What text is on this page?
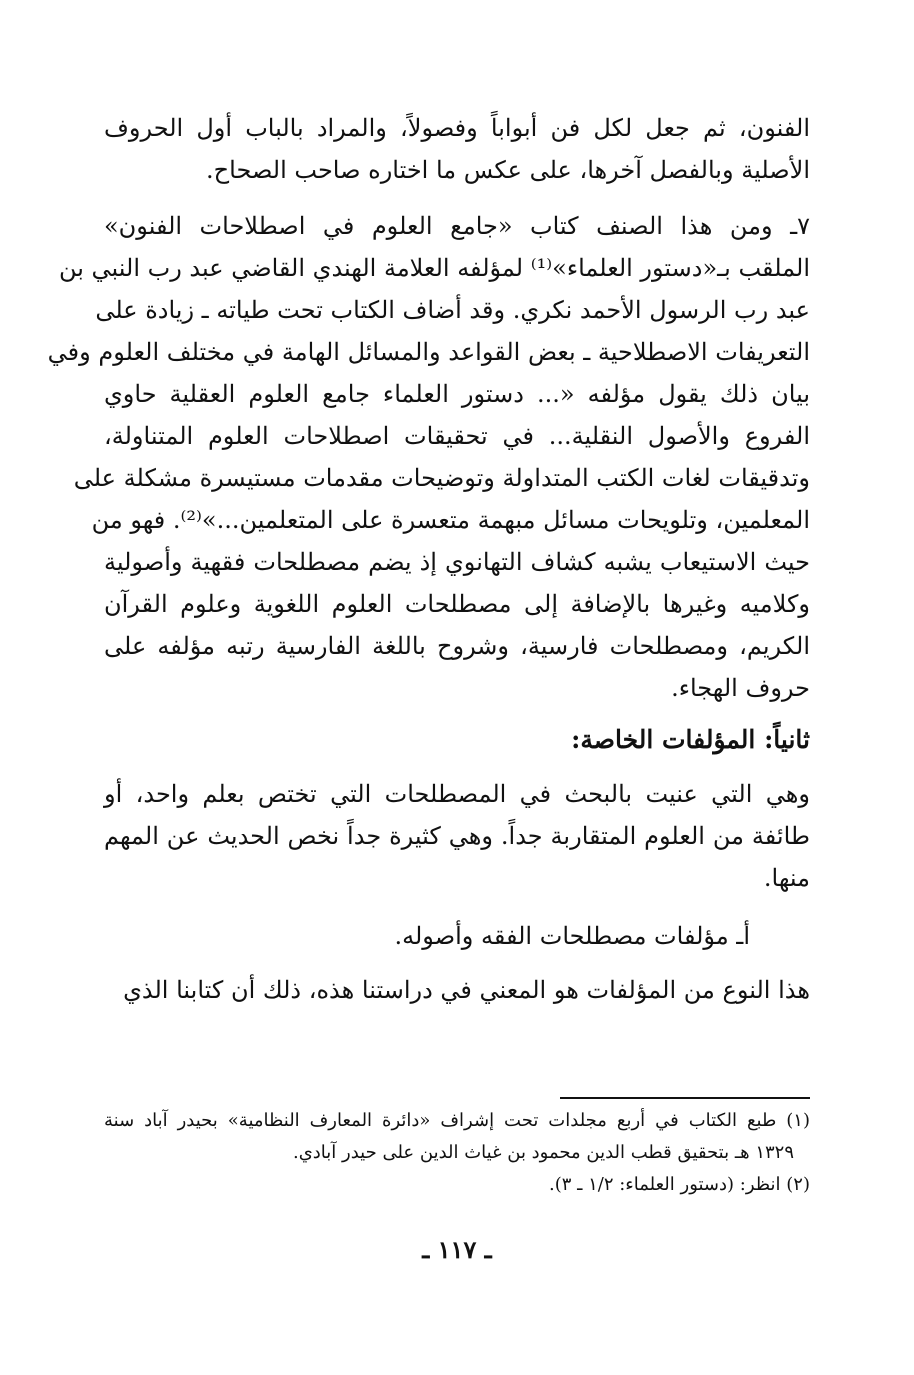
الفنون، ثم جعل لكل فن أبواباً وفصولاً، والمراد بالباب أول الحروف
الأصلية وبالفصل آخرها، على عكس ما اختاره صاحب الصحاح.
٧ـ ومن هذا الصنف كتاب «جامع العلوم في اصطلاحات الفنون»
الملقب بـ«دستور العلماء»⁽¹⁾ لمؤلفه العلامة الهندي القاضي عبد رب النبي بن
عبد رب الرسول الأحمد نكري. وقد أضاف الكتاب تحت طياته ـ زيادة على
التعريفات الاصطلاحية ـ بعض القواعد والمسائل الهامة في مختلف العلوم وفي
بيان ذلك يقول مؤلفه «... دستور العلماء جامع العلوم العقلية حاوي
الفروع والأصول النقلية... في تحقيقات اصطلاحات العلوم المتناولة،
وتدقيقات لغات الكتب المتداولة وتوضيحات مقدمات مستيسرة مشكلة على
المعلمين، وتلويحات مسائل مبهمة متعسرة على المتعلمين...»⁽²⁾. فهو من
حيث الاستيعاب يشبه كشاف التهانوي إذ يضم مصطلحات فقهية وأصولية
وكلاميه وغيرها بالإضافة إلى مصطلحات العلوم اللغوية وعلوم القرآن
الكريم، ومصطلحات فارسية، وشروح باللغة الفارسية رتبه مؤلفه على
حروف الهجاء.
ثانياً: المؤلفات الخاصة:
وهي التي عنيت بالبحث في المصطلحات التي تختص بعلم واحد، أو
طائفة من العلوم المتقاربة جداً. وهي كثيرة جداً نخص الحديث عن المهم
منها.
أـ مؤلفات مصطلحات الفقه وأصوله.
هذا النوع من المؤلفات هو المعني في دراستنا هذه، ذلك أن كتابنا الذي
(١) طبع الكتاب في أربع مجلدات تحت إشراف «دائرة المعارف النظامية» بحيدر آباد سنة
١٣٢٩ هـ بتحقيق قطب الدين محمود بن غياث الدين على حيدر آبادي.
(٢) انظر: (دستور العلماء: ١/٢ ـ ٣).
ـ ١١٧ ـ
